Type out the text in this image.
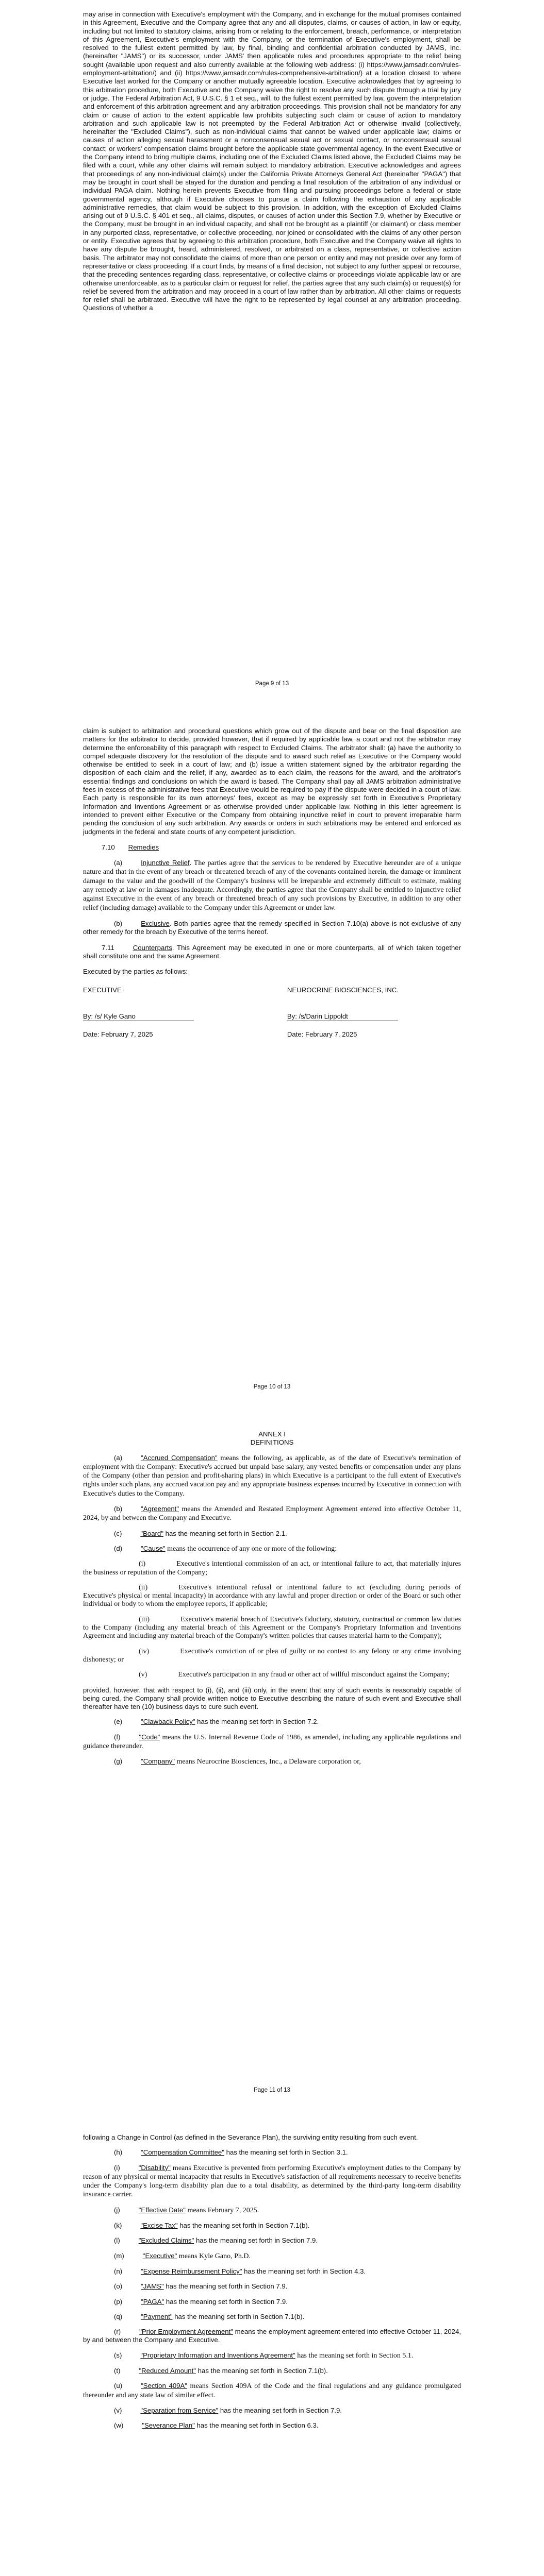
may arise in connection with Executive's employment with the Company, and in exchange for the mutual promises contained in this Agreement, Executive and the Company agree that any and all disputes, claims, or causes of action, in law or equity, including but not limited to statutory claims, arising from or relating to the enforcement, breach, performance, or interpretation of this Agreement, Executive's employment with the Company, or the termination of Executive's employment, shall be resolved to the fullest extent permitted by law, by final, binding and confidential arbitration conducted by JAMS, Inc. (hereinafter "JAMS") or its successor, under JAMS' then applicable rules and procedures appropriate to the relief being sought (available upon request and also currently available at the following web address: (i) https://www.jamsadr.com/rules-employment-arbitration/) and (ii) https://www.jamsadr.com/rules-comprehensive-arbitration/) at a location closest to where Executive last worked for the Company or another mutually agreeable location. Executive acknowledges that by agreeing to this arbitration procedure, both Executive and the Company waive the right to resolve any such dispute through a trial by jury or judge. The Federal Arbitration Act, 9 U.S.C. § 1 et seq., will, to the fullest extent permitted by law, govern the interpretation and enforcement of this arbitration agreement and any arbitration proceedings. This provision shall not be mandatory for any claim or cause of action to the extent applicable law prohibits subjecting such claim or cause of action to mandatory arbitration and such applicable law is not preempted by the Federal Arbitration Act or otherwise invalid (collectively, hereinafter the "Excluded Claims"), such as non-individual claims that cannot be waived under applicable law; claims or causes of action alleging sexual harassment or a nonconsensual sexual act or sexual contact, or nonconsensual sexual contact; or workers' compensation claims brought before the applicable state governmental agency. In the event Executive or the Company intend to bring multiple claims, including one of the Excluded Claims listed above, the Excluded Claims may be filed with a court, while any other claims will remain subject to mandatory arbitration. Executive acknowledges and agrees that proceedings of any non-individual claim(s) under the California Private Attorneys General Act (hereinafter "PAGA") that may be brought in court shall be stayed for the duration and pending a final resolution of the arbitration of any individual or individual PAGA claim. Nothing herein prevents Executive from filing and pursuing proceedings before a federal or state governmental agency, although if Executive chooses to pursue a claim following the exhaustion of any applicable administrative remedies, that claim would be subject to this provision. In addition, with the exception of Excluded Claims arising out of 9 U.S.C. § 401 et seq., all claims, disputes, or causes of action under this Section 7.9, whether by Executive or the Company, must be brought in an individual capacity, and shall not be brought as a plaintiff (or claimant) or class member in any purported class, representative, or collective proceeding, nor joined or consolidated with the claims of any other person or entity. Executive agrees that by agreeing to this arbitration procedure, both Executive and the Company waive all rights to have any dispute be brought, heard, administered, resolved, or arbitrated on a class, representative, or collective action basis. The arbitrator may not consolidate the claims of more than one person or entity and may not preside over any form of representative or class proceeding. If a court finds, by means of a final decision, not subject to any further appeal or recourse, that the preceding sentences regarding class, representative, or collective claims or proceedings violate applicable law or are otherwise unenforceable, as to a particular claim or request for relief, the parties agree that any such claim(s) or request(s) for relief be severed from the arbitration and may proceed in a court of law rather than by arbitration. All other claims or requests for relief shall be arbitrated. Executive will have the right to be represented by legal counsel at any arbitration proceeding. Questions of whether a

Page 9 of 13

claim is subject to arbitration and procedural questions which grow out of the dispute and bear on the final disposition are matters for the arbitrator to decide, provided however, that if required by applicable law, a court and not the arbitrator may determine the enforceability of this paragraph with respect to Excluded Claims. The arbitrator shall: (a) have the authority to compel adequate discovery for the resolution of the dispute and to award such relief as Executive or the Company would otherwise be entitled to seek in a court of law; and (b) issue a written statement signed by the arbitrator regarding the disposition of each claim and the relief, if any, awarded as to each claim, the reasons for the award, and the arbitrator's essential findings and conclusions on which the award is based. The Company shall pay all JAMS arbitration administrative fees in excess of the administrative fees that Executive would be required to pay if the dispute were decided in a court of law. Each party is responsible for its own attorneys' fees, except as may be expressly set forth in Executive's Proprietary Information and Inventions Agreement or as otherwise provided under applicable law. Nothing in this letter agreement is intended to prevent either Executive or the Company from obtaining injunctive relief in court to prevent irreparable harm pending the conclusion of any such arbitration. Any awards or orders in such arbitrations may be entered and enforced as judgments in the federal and state courts of any competent jurisdiction.

7.10 Remedies

(a)	Injunctive Relief. The parties agree that the services to be rendered by Executive hereunder are of a unique nature and that in the event of any breach or threatened breach of any of the covenants contained herein, the damage or imminent damage to the value and the goodwill of the Company's business will be irreparable and extremely difficult to estimate, making any remedy at law or in damages inadequate. Accordingly, the parties agree that the Company shall be entitled to injunctive relief against Executive in the event of any breach or threatened breach of any such provisions by Executive, in addition to any other relief (including damage) available to the Company under this Agreement or under law.

(b)	Exclusive. Both parties agree that the remedy specified in Section 7.10(a) above is not exclusive of any other remedy for the breach by Executive of the terms hereof.

7.11	Counterparts. This Agreement may be executed in one or more counterparts, all of which taken together shall constitute one and the same Agreement.

Executed by the parties as follows:

EXECUTIVE	NEUROCRINE BIOSCIENCES, INC.
By: /s/ Kyle Gano	By: /s/Darin Lippoldt
Date: February 7, 2025	Date: February 7, 2025
Page 10 of 13

ANNEX I

DEFINITIONS

(a)	"Accrued Compensation" means the following, as applicable, as of the date of Executive's termination of employment with the Company: Executive's accrued but unpaid base salary, any vested benefits or compensation under any plans of the Company (other than pension and profit-sharing plans) in which Executive is a participant to the full extent of Executive's rights under such plans, any accrued vacation pay and any appropriate business expenses incurred by Executive in connection with Executive's duties to the Company.

(b)	"Agreement" means the Amended and Restated Employment Agreement entered into effective October 11, 2024, by and between the Company and Executive.

(c)	"Board" has the meaning set forth in Section 2.1.

(d)	"Cause" means the occurrence of any one or more of the following:

(i)	Executive's intentional commission of an act, or intentional failure to act, that materially injures the business or reputation of the Company;

(ii)	Executive's intentional refusal or intentional failure to act (excluding during periods of Executive's physical or mental incapacity) in accordance with any lawful and proper direction or order of the Board or such other individual or body to whom the employee reports, if applicable;

(iii)	Executive's material breach of Executive's fiduciary, statutory, contractual or common law duties to the Company (including any material breach of this Agreement or the Company's Proprietary Information and Inventions Agreement and including any material breach of the Company's written policies that causes material harm to the Company);

(iv)	Executive's conviction of or plea of guilty or no contest to any felony or any crime involving dishonesty; or

(v)	Executive's participation in any fraud or other act of willful misconduct against the Company;

provided, however, that with respect to (i), (ii), and (iii) only, in the event that any of such events is reasonably capable of being cured, the Company shall provide written notice to Executive describing the nature of such event and Executive shall thereafter have ten (10) business days to cure such event.

(e)	"Clawback Policy" has the meaning set forth in Section 7.2.

(f)	"Code" means the U.S. Internal Revenue Code of 1986, as amended, including any applicable regulations and guidance thereunder.

(g)	"Company" means Neurocrine Biosciences, Inc., a Delaware corporation or,

Page 11 of 13

following a Change in Control (as defined in the Severance Plan), the surviving entity resulting from such event.

(h)	"Compensation Committee" has the meaning set forth in Section 3.1.

(i)	"Disability" means Executive is prevented from performing Executive's employment duties to the Company by reason of any physical or mental incapacity that results in Executive's satisfaction of all requirements necessary to receive benefits under the Company's long-term disability plan due to a total disability, as determined by the third-party long-term disability insurance carrier.

(j)	"Effective Date" means February 7, 2025.

(k)	"Excise Tax" has the meaning set forth in Section 7.1(b).

(l)	"Excluded Claims" has the meaning set forth in Section 7.9.

(m)	"Executive" means Kyle Gano, Ph.D.

(n)	"Expense Reimbursement Policy" has the meaning set forth in Section 4.3.

(o)	"JAMS" has the meaning set forth in Section 7.9.

(p)	"PAGA" has the meaning set forth in Section 7.9.

(q)	"Payment" has the meaning set forth in Section 7.1(b).

(r)	"Prior Employment Agreement" means the employment agreement entered into effective October 11, 2024, by and between the Company and Executive.

(s)	"Proprietary Information and Inventions Agreement" has the meaning set forth in Section 5.1.

(t)	"Reduced Amount" has the meaning set forth in Section 7.1(b).

(u)	"Section 409A" means Section 409A of the Code and the final regulations and any guidance promulgated thereunder and any state law of similar effect.

(v)	"Separation from Service" has the meaning set forth in Section 7.9.

(w)	"Severance Plan" has the meaning set forth in Section 6.3.
